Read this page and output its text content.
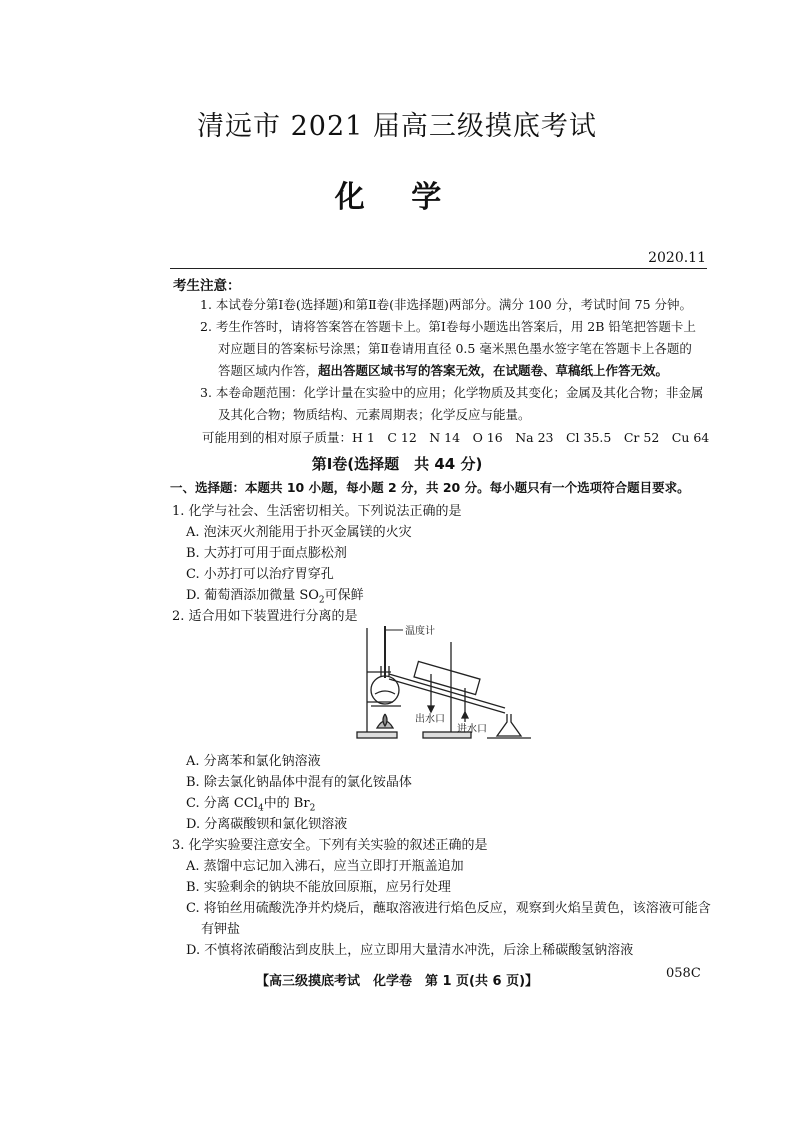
清远市 2021 届高三级摸底考试
化 学
2020.11
考生注意：
1. 本试卷分第Ⅰ卷(选择题)和第Ⅱ卷(非选择题)两部分。满分 100 分，考试时间 75 分钟。
2. 考生作答时，请将答案答在答题卡上。第Ⅰ卷每小题选出答案后，用 2B 铅笔把答题卡上
对应题目的答案标号涂黑；第Ⅱ卷请用直径 0.5 毫米黑色墨水签字笔在答题卡上各题的
答题区域内作答，超出答题区域书写的答案无效，在试题卷、草稿纸上作答无效。
3. 本卷命题范围：化学计量在实验中的应用；化学物质及其变化；金属及其化合物；非金属
及其化合物；物质结构、元素周期表；化学反应与能量。
可能用到的相对原子质量：H 1　C 12　N 14　O 16　Na 23　Cl 35.5　Cr 52　Cu 64
第Ⅰ卷(选择题　共 44 分)
一、选择题：本题共 10 小题，每小题 2 分，共 20 分。每小题只有一个选项符合题目要求。
1. 化学与社会、生活密切相关。下列说法正确的是
A. 泡沫灭火剂能用于扑灭金属镁的火灾
B. 大苏打可用于面点膨松剂
C. 小苏打可以治疗胃穿孔
D. 葡萄酒添加微量 $SO_2$可保鲜
2. 适合用如下装置进行分离的是
温度计
出水口
进水口
A. 分离苯和氯化钠溶液
B. 除去氯化钠晶体中混有的氯化铵晶体
C. 分离 CCl$_4$中的 $Br_2$
D. 分离碳酸钡和氯化钡溶液
3. 化学实验要注意安全。下列有关实验的叙述正确的是
A. 蒸馏中忘记加入沸石，应当立即打开瓶盖追加
B. 实验剩余的钠块不能放回原瓶，应另行处理
C. 将铂丝用硫酸洗净并灼烧后，蘸取溶液进行焰色反应，观察到火焰呈黄色，该溶液可能含
有钾盐
D. 不慎将浓硝酸沾到皮肤上，应立即用大量清水冲洗，后涂上稀碳酸氢钠溶液
【高三级摸底考试　化学卷　第 1 页(共 6 页)】
058C
